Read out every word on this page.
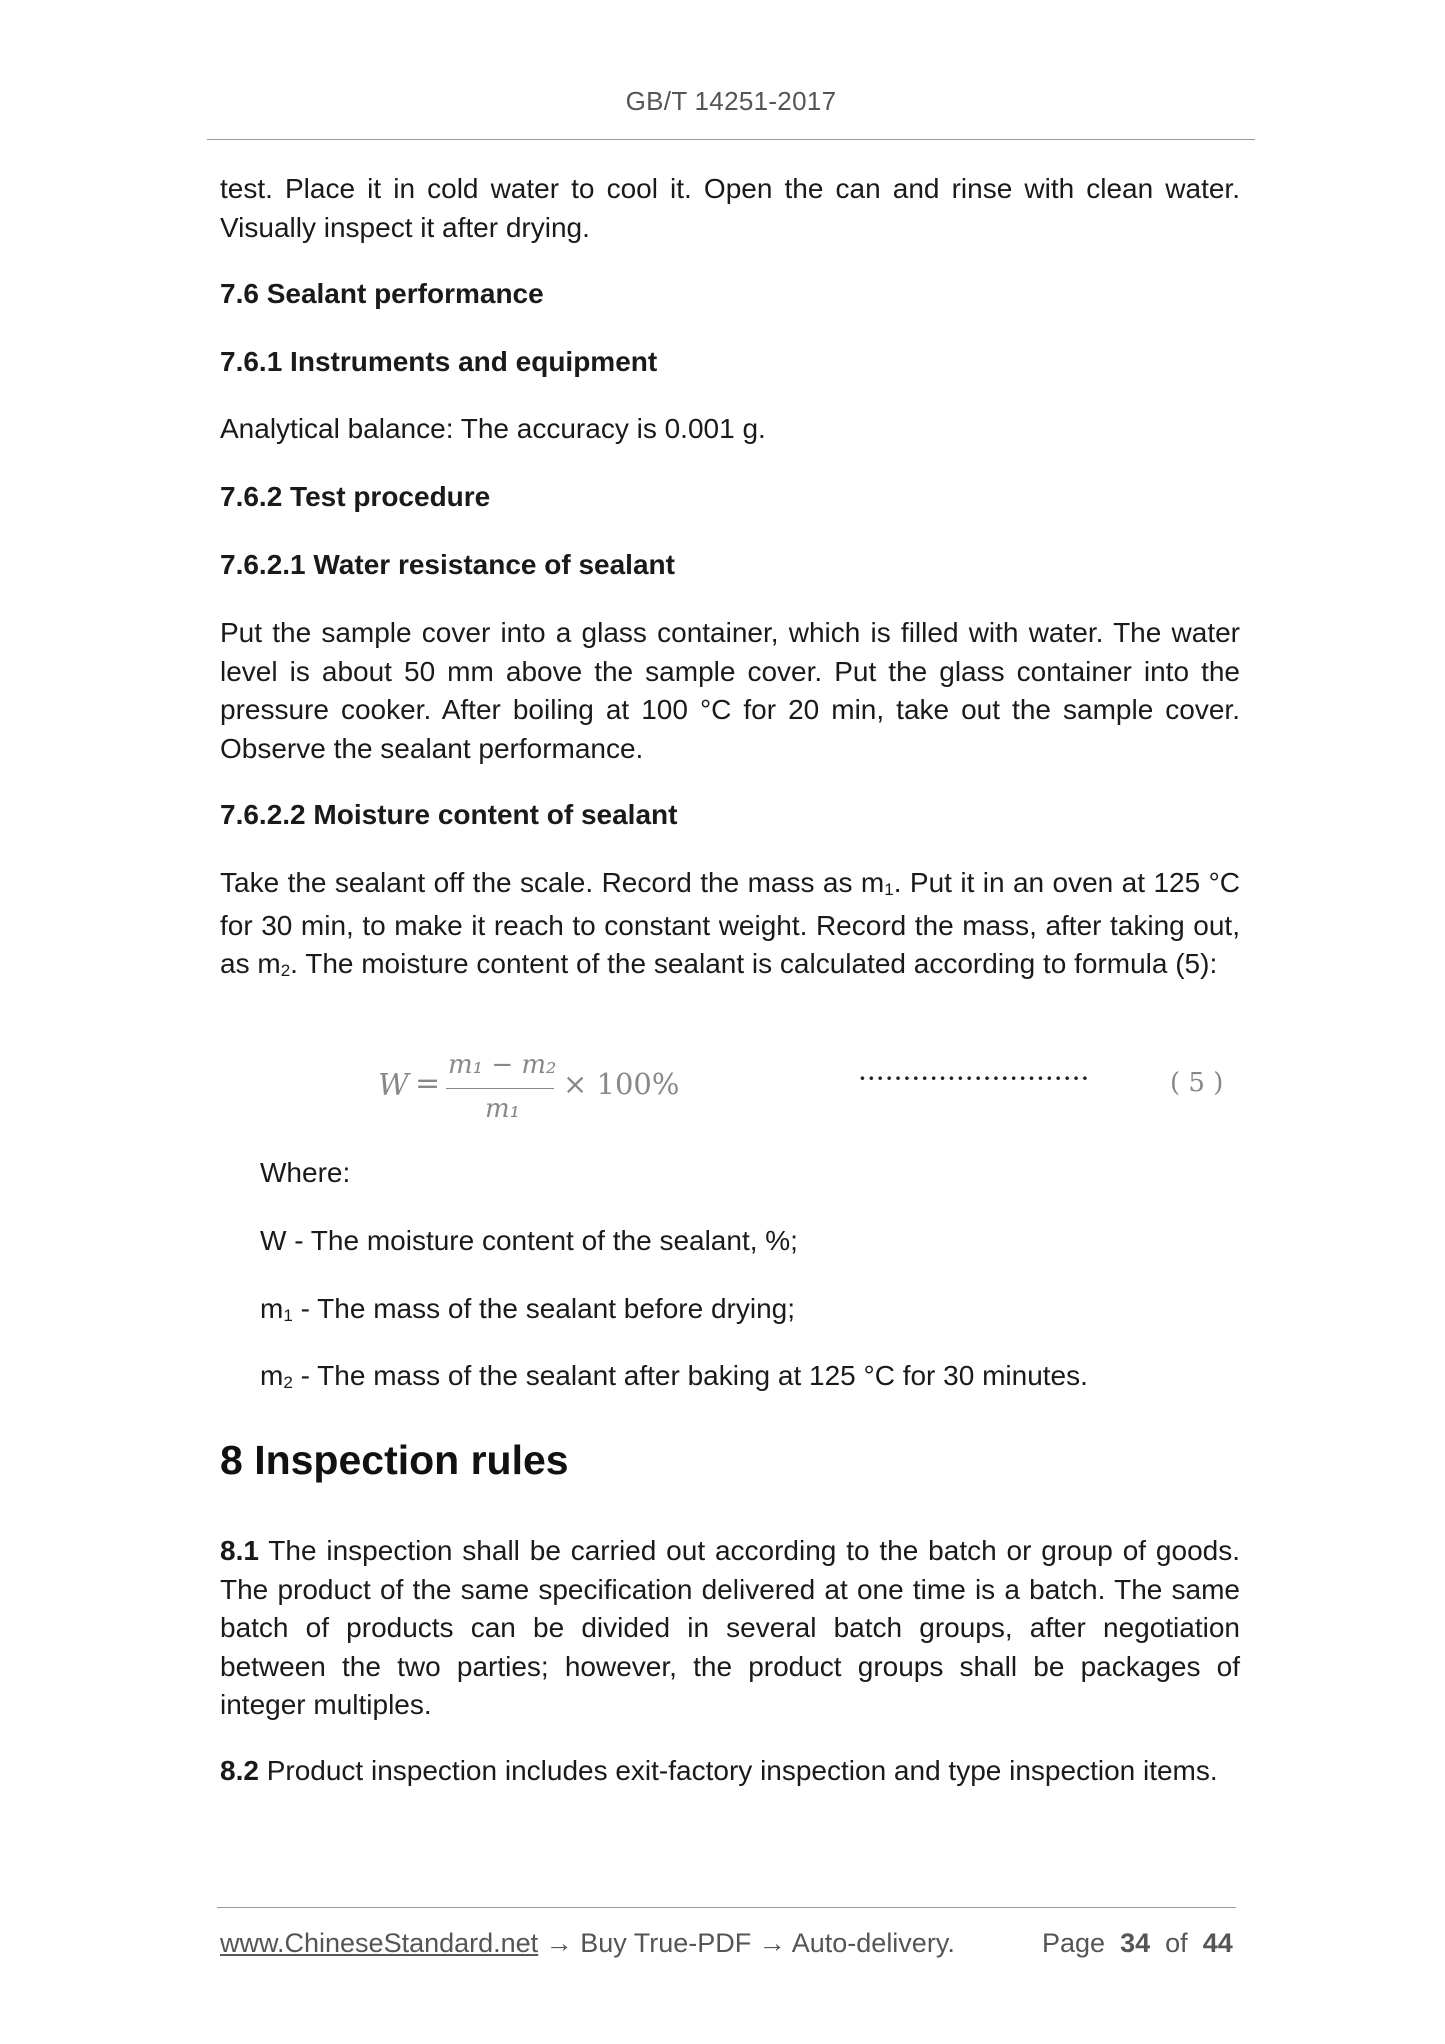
GB/T 14251-2017
test. Place it in cold water to cool it. Open the can and rinse with clean water. Visually inspect it after drying.
7.6 Sealant performance
7.6.1 Instruments and equipment
Analytical balance: The accuracy is 0.001 g.
7.6.2 Test procedure
7.6.2.1 Water resistance of sealant
Put the sample cover into a glass container, which is filled with water. The water level is about 50 mm above the sample cover. Put the glass container into the pressure cooker. After boiling at 100 °C for 20 min, take out the sample cover. Observe the sealant performance.
7.6.2.2 Moisture content of sealant
Take the sealant off the scale. Record the mass as $m_1$. Put it in an oven at 125 °C for 30 min, to make it reach to constant weight. Record the mass, after taking out, as $m_2$. The moisture content of the sealant is calculated according to formula (5):
W =
m₁ − m₂
m₁
× 100%	··························	( 5 )
Where:
W - The moisture content of the sealant, %;
$m_1$ - The mass of the sealant before drying;
$m_2$ - The mass of the sealant after baking at 125 °C for 30 minutes.
8 Inspection rules
8.1 The inspection shall be carried out according to the batch or group of goods. The product of the same specification delivered at one time is a batch. The same batch of products can be divided in several batch groups, after negotiation between the two parties; however, the product groups shall be packages of integer multiples.
8.2 Product inspection includes exit-factory inspection and type inspection items.
www.ChineseStandard.net → Buy True-PDF → Auto-delivery.	Page 34 of 44
